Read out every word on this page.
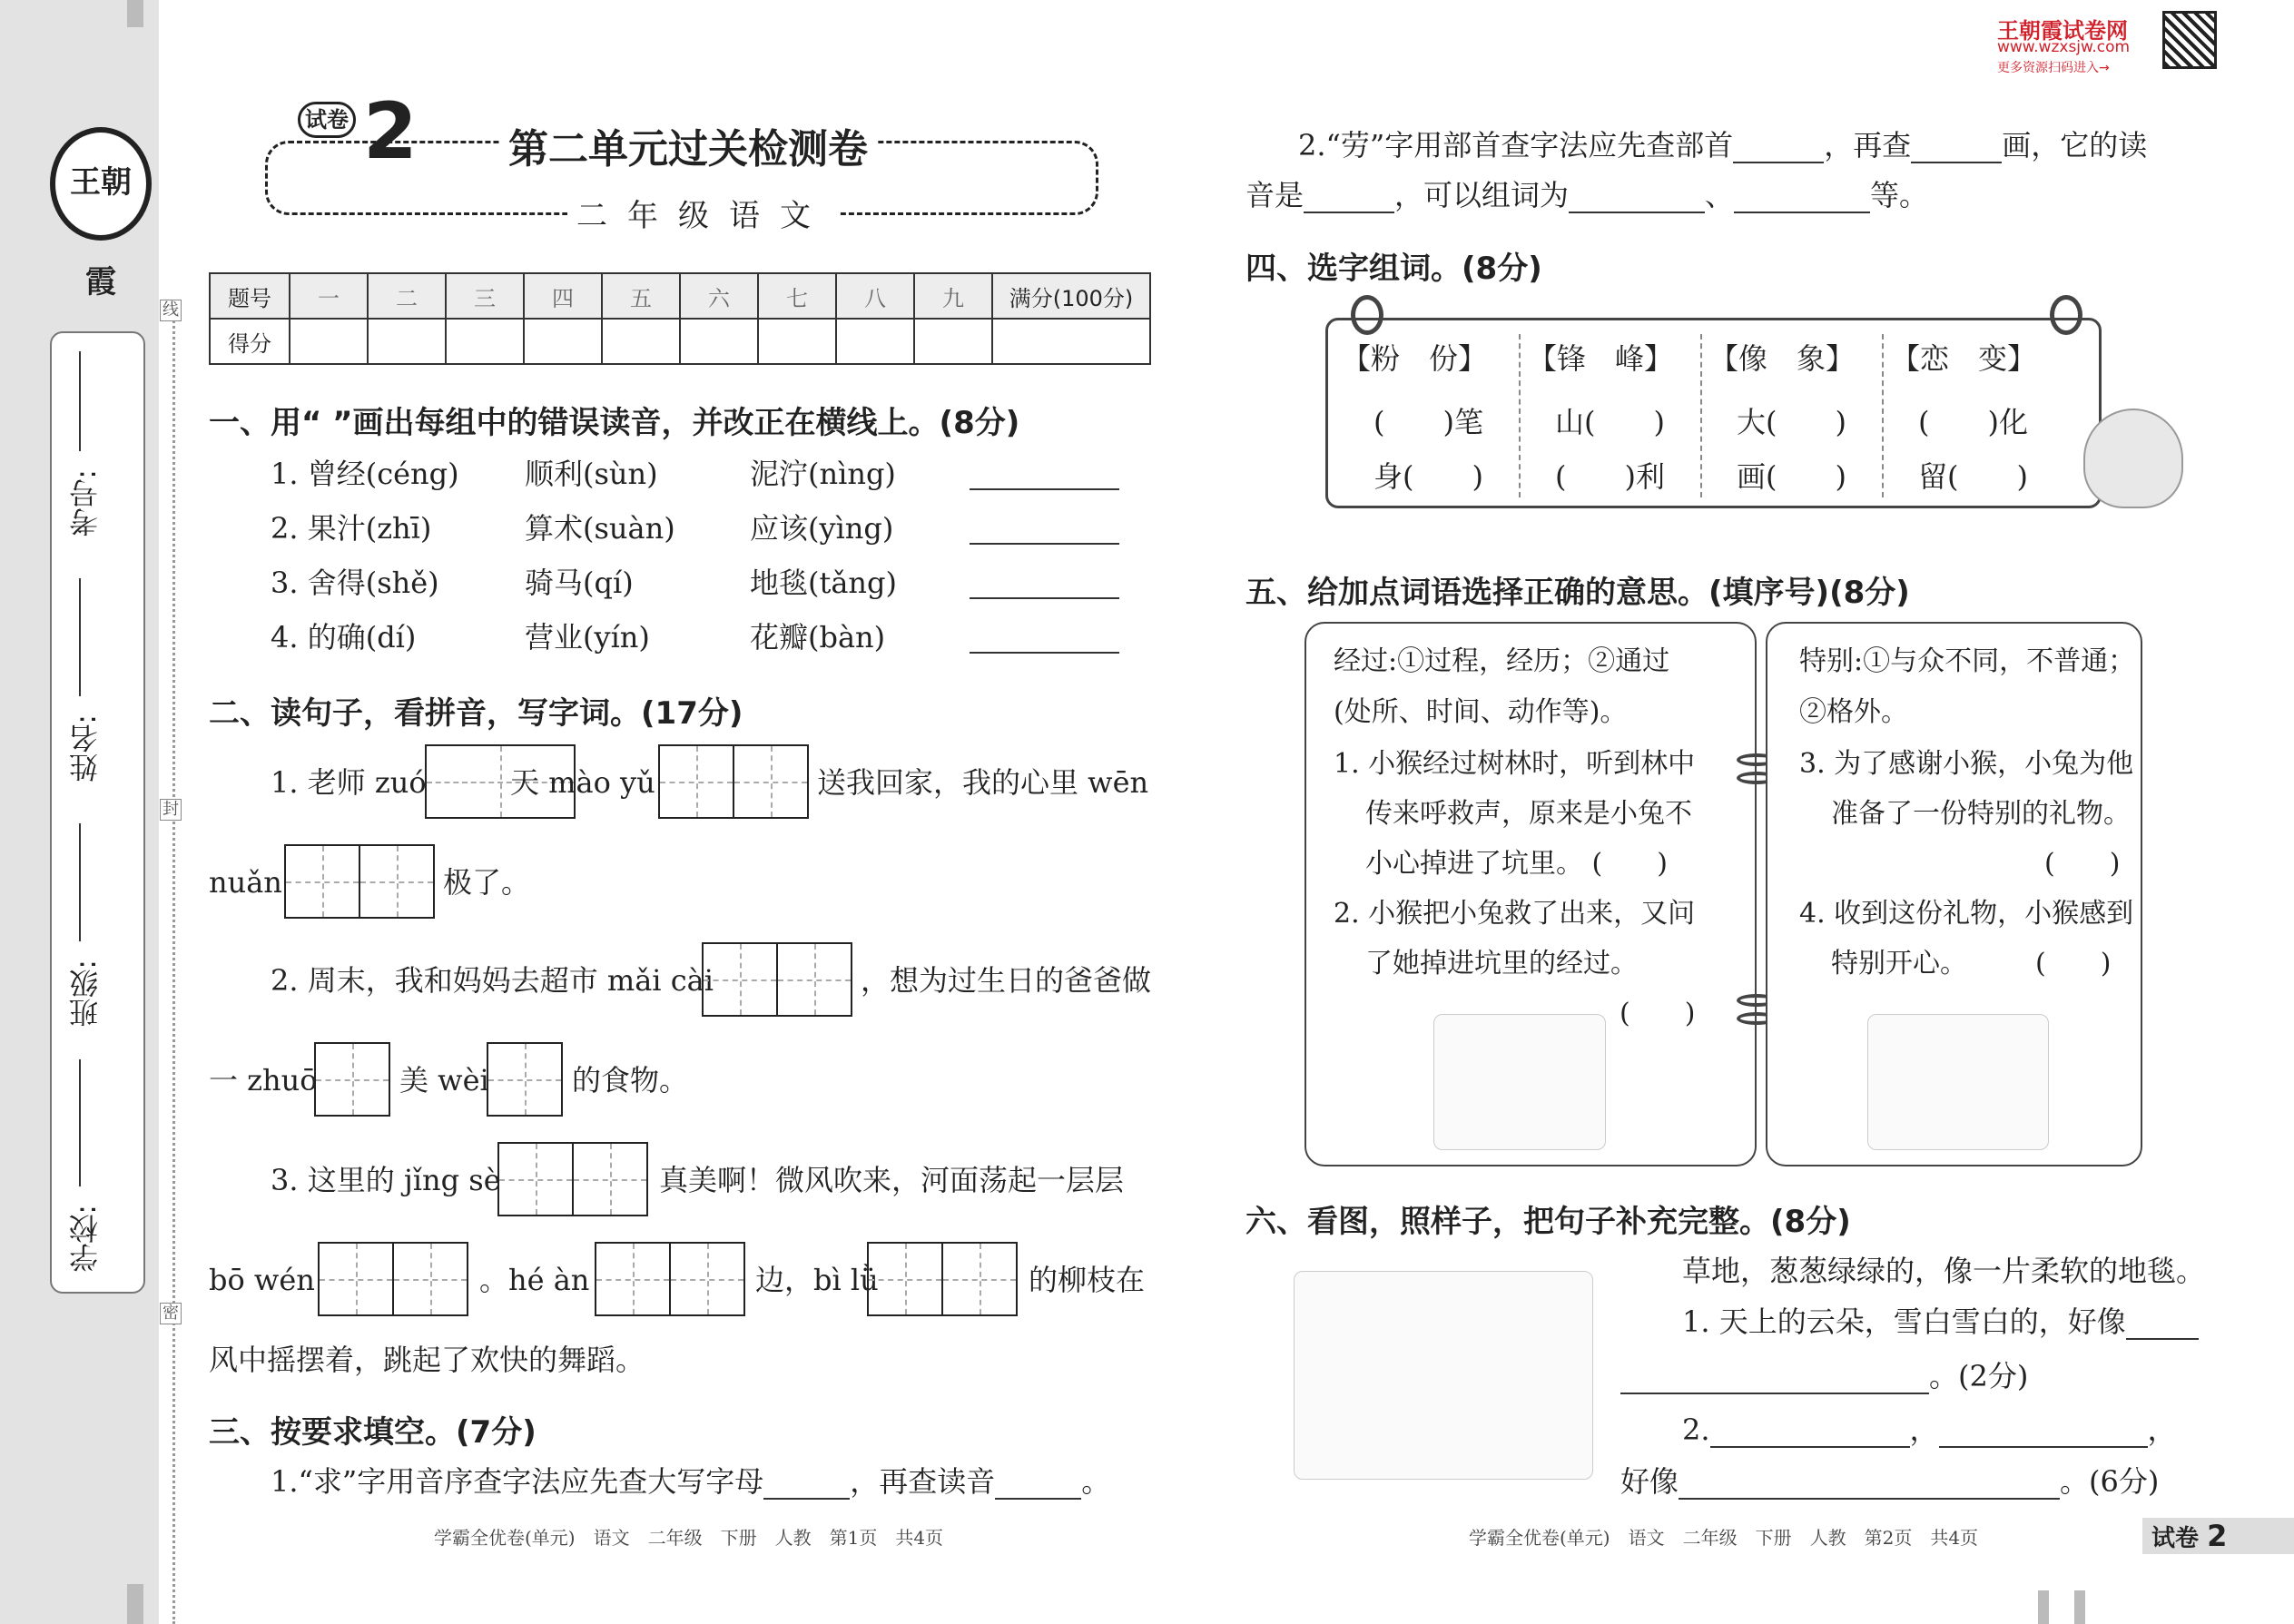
王朝霞
考号:
姓名:
班级:
学校:
线
封
密
王朝霞试卷网
www.wzxsjw.com
更多资源扫码进入→
试卷 2 第二单元过关检测卷
二年级语文
题号	一	二	三	四	五	六	七	八	九	满分(100分)
得分										
一、用“ ”画出每组中的错误读音，并改正在横线上。(8分)
1. 曾经(céng) 顺利(sùn)	泥泞(nìng)
2. 果汁(zhī)	算术(suàn)	应该(yìng)
3. 舍得(shě)	骑马(qí)	地毯(tǎng)
4. 的确(dí)	营业(yín)	花瓣(bàn)
二、读句子，看拼音，写字词。(17分)
1. 老师 zuó	天 mào yǔ	送我回家，我的心里 wēn
nuǎn	极了。
2. 周末，我和妈妈去超市 mǎi cài	，想为过生日的爸爸做
一 zhuō	美 wèi	的食物。
3. 这里的 jǐng sè	真美啊！微风吹来，河面荡起一层层
bō wén	。hé àn	边，bì lǜ	的柳枝在
风中摇摆着，跳起了欢快的舞蹈。
三、按要求填空。(7分)
1.“求”字用音序查字法应先查大写字母	，再查读音	。
学霸全优卷(单元)　语文　二年级　下册　人教　第1页　共4页	学霸全优卷(单元)　语文　二年级　下册　人教　第2页　共4页	试卷 2
2.“劳”字用部首查字法应先查部首	，再查	画，它的读
音是	，可以组词为	、	等。
四、选字组词。(8分)
【粉　份】
(　　)笔
身(　　)
【锋　峰】
山(　　)
(　　)利
【像　象】
大(　　)
画(　　)
【恋　变】
(　　)化
留(　　)
五、给加点词语选择正确的意思。(填序号)(8分)
经过:①过程，经历；②通过
(处所、时间、动作等)。
1. 小猴经过树林时，听到林中
传来呼救声，原来是小兔不
小心掉进了坑里。 (　　)
2. 小猴把小兔救了出来，又问
了她掉进坑里的经过。
(　　)
特别:①与众不同，不普通；
②格外。
3. 为了感谢小猴，小兔为他
准备了一份特别的礼物。
(　　)
4. 收到这份礼物，小猴感到
特别开心。　　　(　　)
六、看图，照样子，把句子补充完整。(8分)
草地，葱葱绿绿的，像一片柔软的地毯。
1. 天上的云朵，雪白雪白的，好像
。(2分)
2.	，	，
好像	。(6分)
